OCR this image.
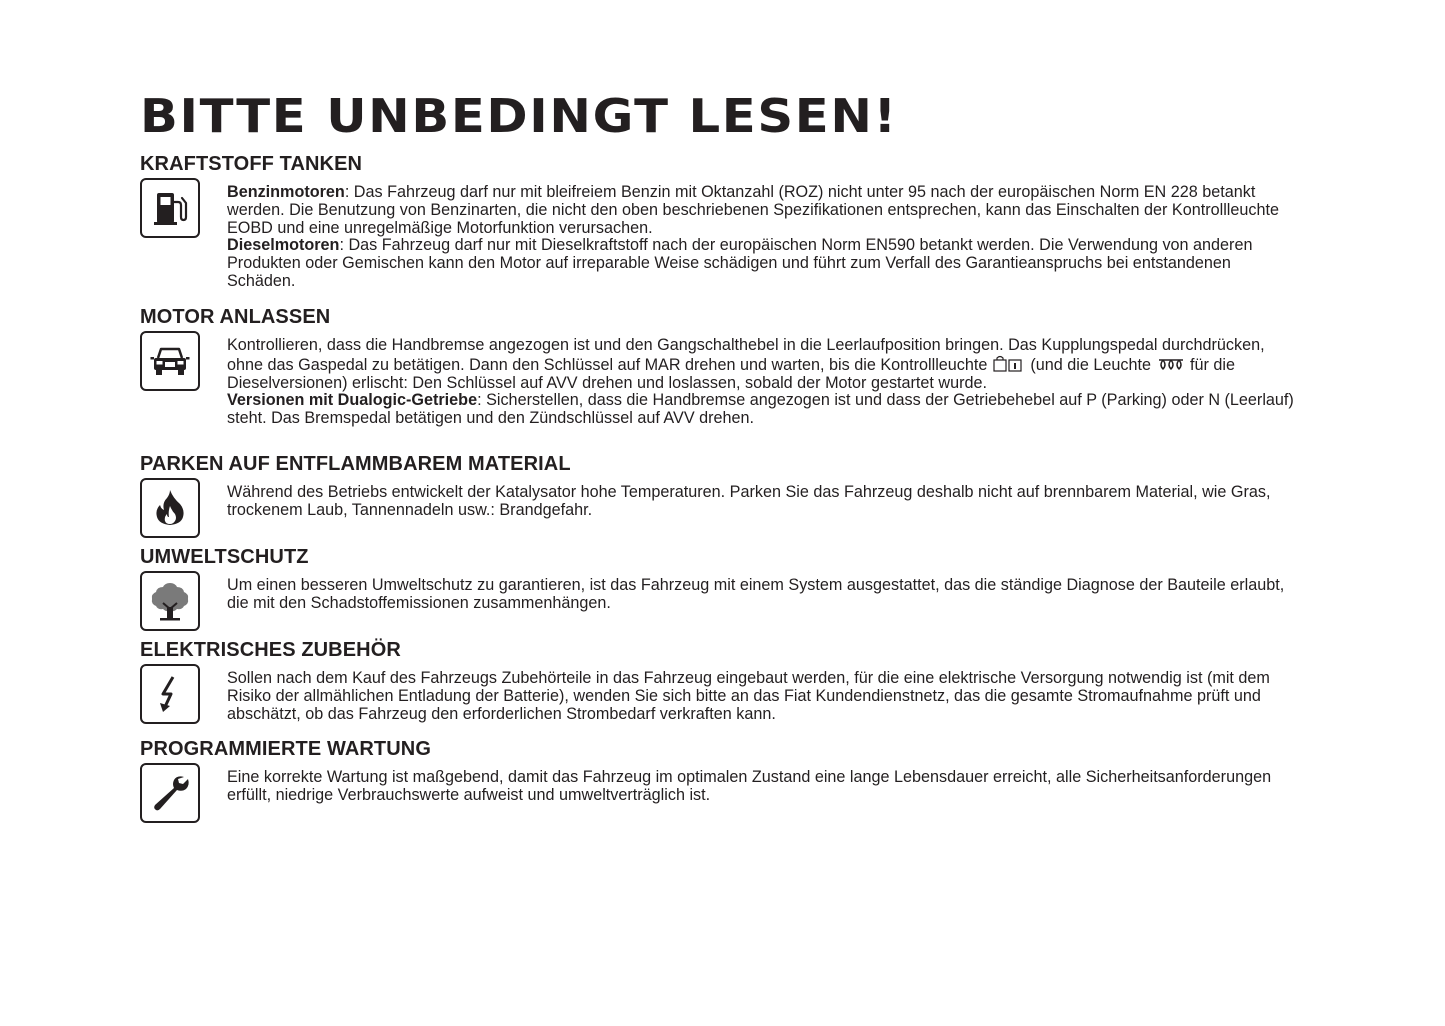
BITTE UNBEDINGT LESEN!
KRAFTSTOFF TANKEN

Benzinmotoren: Das Fahrzeug darf nur mit bleifreiem Benzin mit Oktanzahl (ROZ) nicht unter 95 nach der europäischen Norm EN 228 betankt werden. Die Benutzung von Benzinarten, die nicht den oben beschriebenen Spezifikationen entsprechen, kann das Einschalten der Kontrollleuchte EOBD und eine unregelmäßige Motorfunktion verursachen.

Dieselmotoren: Das Fahrzeug darf nur mit Dieselkraftstoff nach der europäischen Norm EN590 betankt werden. Die Verwendung von anderen Produkten oder Gemischen kann den Motor auf irreparable Weise schädigen und führt zum Verfall des Garantieanspruchs bei entstandenen Schäden.

MOTOR ANLASSEN

Kontrollieren, dass die Handbremse angezogen ist und den Gangschalthebel in die Leerlaufposition bringen. Das Kupplungspedal durchdrücken, ohne das Gaspedal zu betätigen. Dann den Schlüssel auf MAR drehen und warten, bis die Kontrollleuchte	(und die Leuchte für die Dieselversionen) erlischt: Den Schlüssel auf AVV drehen und loslassen, sobald der Motor gestartet wurde.

Versionen mit Dualogic-Getriebe: Sicherstellen, dass die Handbremse angezogen ist und dass der Getriebehebel auf P (Parking) oder N (Leerlauf) steht. Das Bremspedal betätigen und den Zündschlüssel auf AVV drehen.

PARKEN AUF ENTFLAMMBAREM MATERIAL

Während des Betriebs entwickelt der Katalysator hohe Temperaturen. Parken Sie das Fahrzeug deshalb nicht auf brennbarem Material, wie Gras, trockenem Laub, Tannennadeln usw.: Brandgefahr.

UMWELTSCHUTZ

Um einen besseren Umweltschutz zu garantieren, ist das Fahrzeug mit einem System ausgestattet, das die ständige Diagnose der Bauteile erlaubt, die mit den Schadstoffemissionen zusammenhängen.

ELEKTRISCHES ZUBEHÖR

Sollen nach dem Kauf des Fahrzeugs Zubehörteile in das Fahrzeug eingebaut werden, für die eine elektrische Versorgung notwendig ist (mit dem Risiko der allmählichen Entladung der Batterie), wenden Sie sich bitte an das Fiat Kundendienstnetz, das die gesamte Stromaufnahme prüft und abschätzt, ob das Fahrzeug den erforderlichen Strombedarf verkraften kann.

PROGRAMMIERTE WARTUNG

Eine korrekte Wartung ist maßgebend, damit das Fahrzeug im optimalen Zustand eine lange Lebensdauer erreicht, alle Sicherheitsanforderungen erfüllt, niedrige Verbrauchswerte aufweist und umweltverträglich ist.
